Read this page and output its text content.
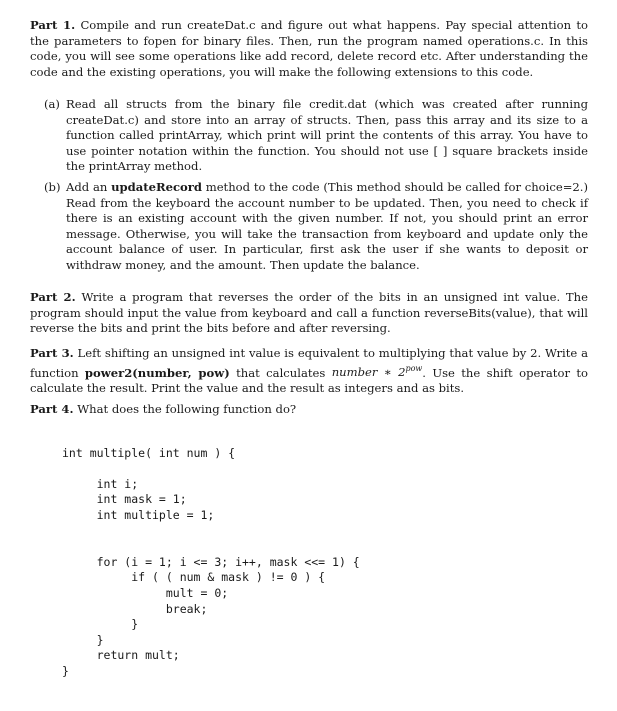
Part 1. Compile and run createDat.c and figure out what happens. Pay special attention to the parameters to fopen for binary files. Then, run the program named operations.c. In this code, you will see some operations like add record, delete record etc. After understanding the code and the existing operations, you will make the following extensions to this code.

(a) Read all structs from the binary file credit.dat (which was created after running createDat.c) and store into an array of structs. Then, pass this array and its size to a function called printArray, which print will print the contents of this array. You have to use pointer notation within the function. You should not use [ ] square brackets inside the printArray method.

(b) Add an updateRecord method to the code (This method should be called for choice=2.) Read from the keyboard the account number to be updated. Then, you need to check if there is an existing account with the given number. If not, you should print an error message. Otherwise, you will take the transaction from keyboard and update only the account balance of user. In particular, first ask the user if she wants to deposit or withdraw money, and the amount. Then update the balance.

Part 2. Write a program that reverses the order of the bits in an unsigned int value. The program should input the value from keyboard and call a function reverseBits(value), that will reverse the bits and print the bits before and after reversing.

Part 3. Left shifting an unsigned int value is equivalent to multiplying that value by 2. Write a function power2(number, pow) that calculates number ∗ $2^{pow}$. Use the shift operator to calculate the result. Print the value and the result as integers and as bits.

Part 4. What does the following function do?

int multiple( int num ) {
int i;
int mask = 1;
int multiple = 1;
for (i = 1; i <= 3; i++, mask <<= 1) {
if ( ( num & mask ) != 0 ) {
mult = 0;
break;
}
}
return mult;
}
